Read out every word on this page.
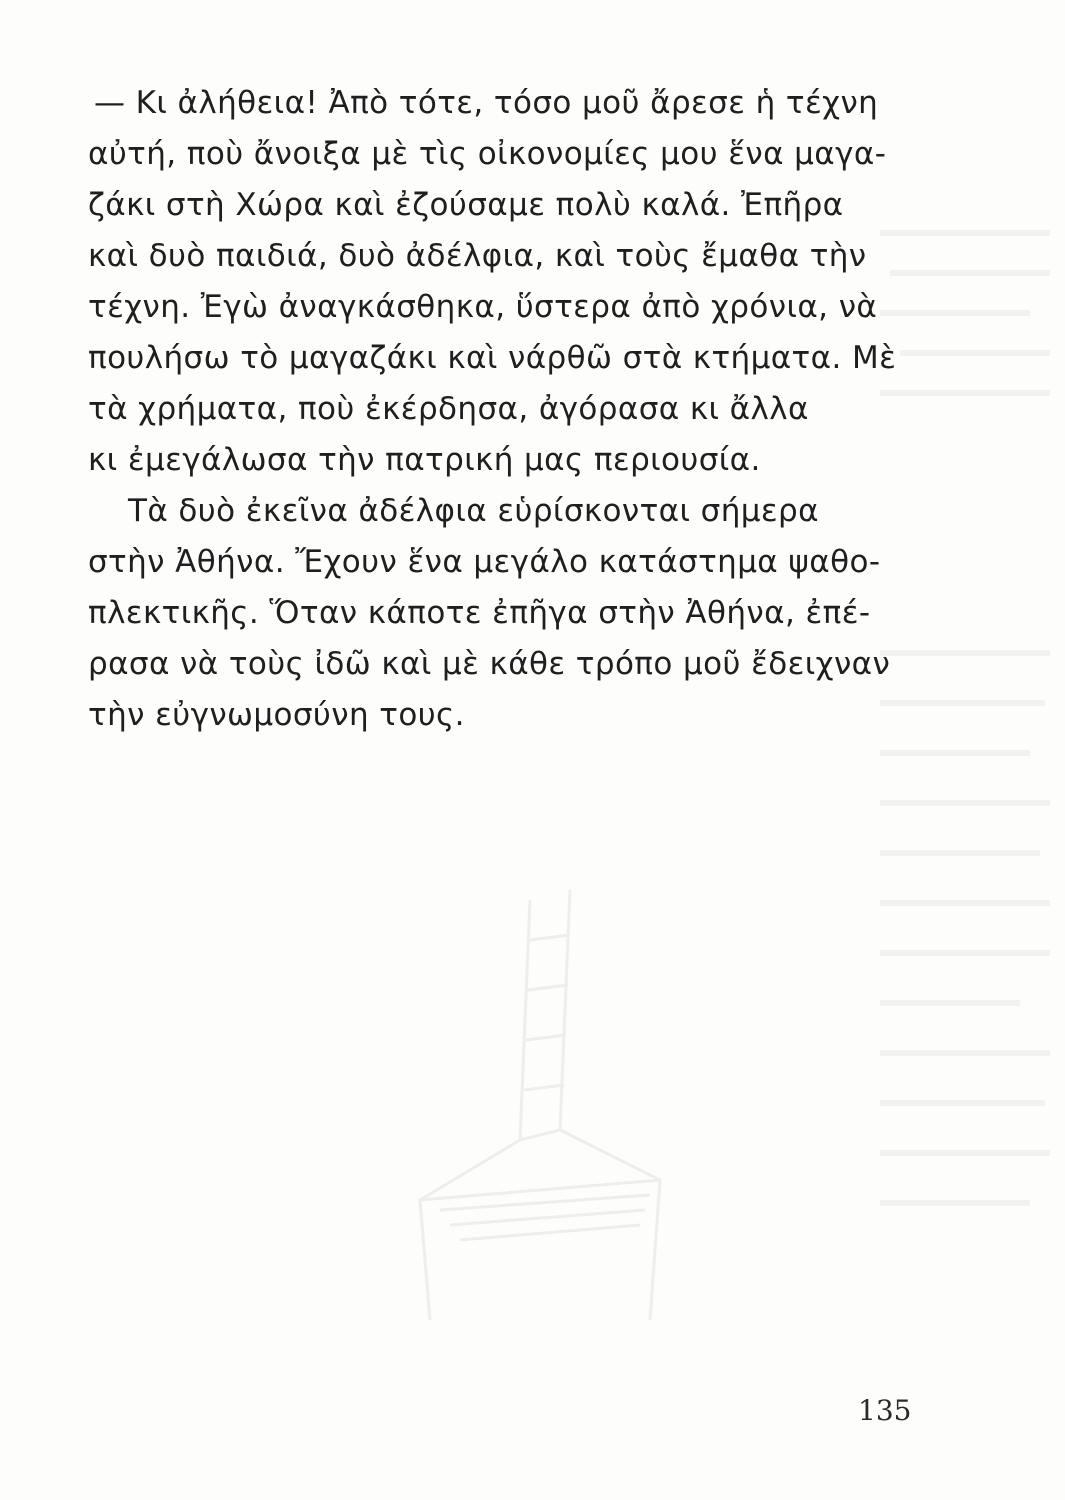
— Κι ἀλήθεια! Ἀπὸ τότε, τόσο μοῦ ἄρεσε ἡ τέχνη
αὐτή, ποὺ ἄνοιξα μὲ τὶς οἰκονομίες μου ἕνα μαγα-
ζάκι στὴ Χώρα καὶ ἐζούσαμε πολὺ καλά. Ἐπῆρα
καὶ δυὸ παιδιά, δυὸ ἀδέλφια, καὶ τοὺς ἔμαθα τὴν
τέχνη. Ἐγὼ ἀναγκάσθηκα, ὕστερα ἀπὸ χρόνια, νὰ
πουλήσω τὸ μαγαζάκι καὶ νάρθῶ στὰ κτήματα. Μὲ
τὰ χρήματα, ποὺ ἐκέρδησα, ἀγόρασα κι ἄλλα
κι ἐμεγάλωσα τὴν πατρική μας περιουσία.
Τὰ δυὸ ἐκεῖνα ἀδέλφια εὑρίσκονται σήμερα
στὴν Ἀθήνα. Ἔχουν ἕνα μεγάλο κατάστημα ψαθο-
πλεκτικῆς. Ὅταν κάποτε ἐπῆγα στὴν Ἀθήνα, ἐπέ-
ρασα νὰ τοὺς ἰδῶ καὶ μὲ κάθε τρόπο μοῦ ἔδειχναν
τὴν εὐγνωμοσύνη τους.
135
